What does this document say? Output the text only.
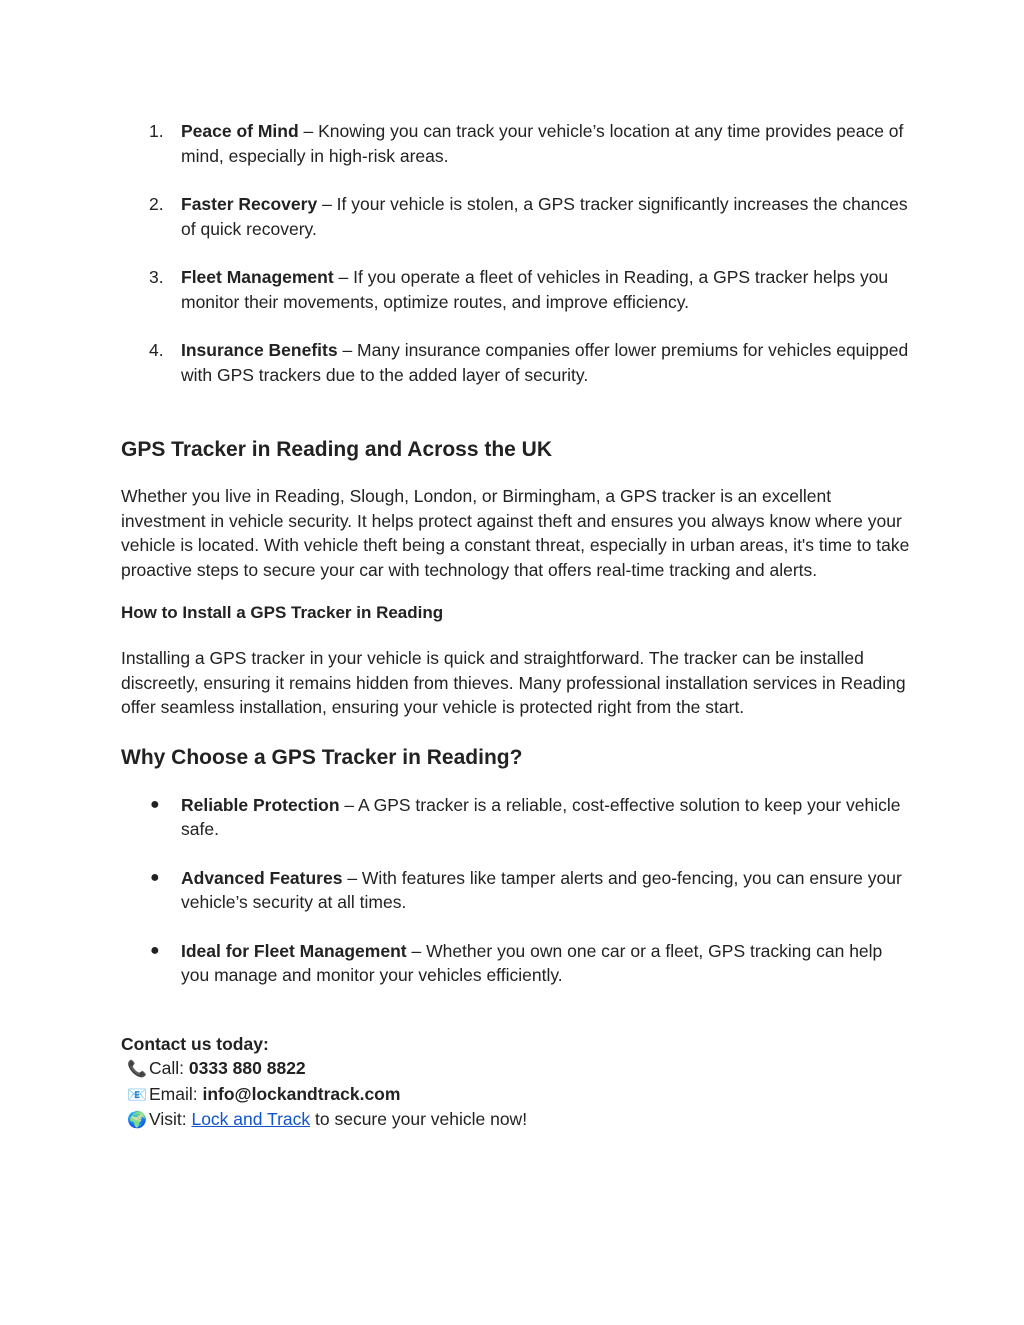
1. Peace of Mind – Knowing you can track your vehicle’s location at any time provides peace of mind, especially in high-risk areas.
2. Faster Recovery – If your vehicle is stolen, a GPS tracker significantly increases the chances of quick recovery.
3. Fleet Management – If you operate a fleet of vehicles in Reading, a GPS tracker helps you monitor their movements, optimize routes, and improve efficiency.
4. Insurance Benefits – Many insurance companies offer lower premiums for vehicles equipped with GPS trackers due to the added layer of security.
GPS Tracker in Reading and Across the UK

Whether you live in Reading, Slough, London, or Birmingham, a GPS tracker is an excellent investment in vehicle security. It helps protect against theft and ensures you always know where your vehicle is located. With vehicle theft being a constant threat, especially in urban areas, it's time to take proactive steps to secure your car with technology that offers real-time tracking and alerts.

How to Install a GPS Tracker in Reading

Installing a GPS tracker in your vehicle is quick and straightforward. The tracker can be installed discreetly, ensuring it remains hidden from thieves. Many professional installation services in Reading offer seamless installation, ensuring your vehicle is protected right from the start.

Why Choose a GPS Tracker in Reading?
● Reliable Protection – A GPS tracker is a reliable, cost-effective solution to keep your vehicle safe.
● Advanced Features – With features like tamper alerts and geo-fencing, you can ensure your vehicle’s security at all times.
● Ideal for Fleet Management – Whether you own one car or a fleet, GPS tracking can help you manage and monitor your vehicles efficiently.

Contact us today:

📞 Call: 0333 880 8822

📧 Email: info@lockandtrack.com

🌍 Visit: Lock and Track to secure your vehicle now!
